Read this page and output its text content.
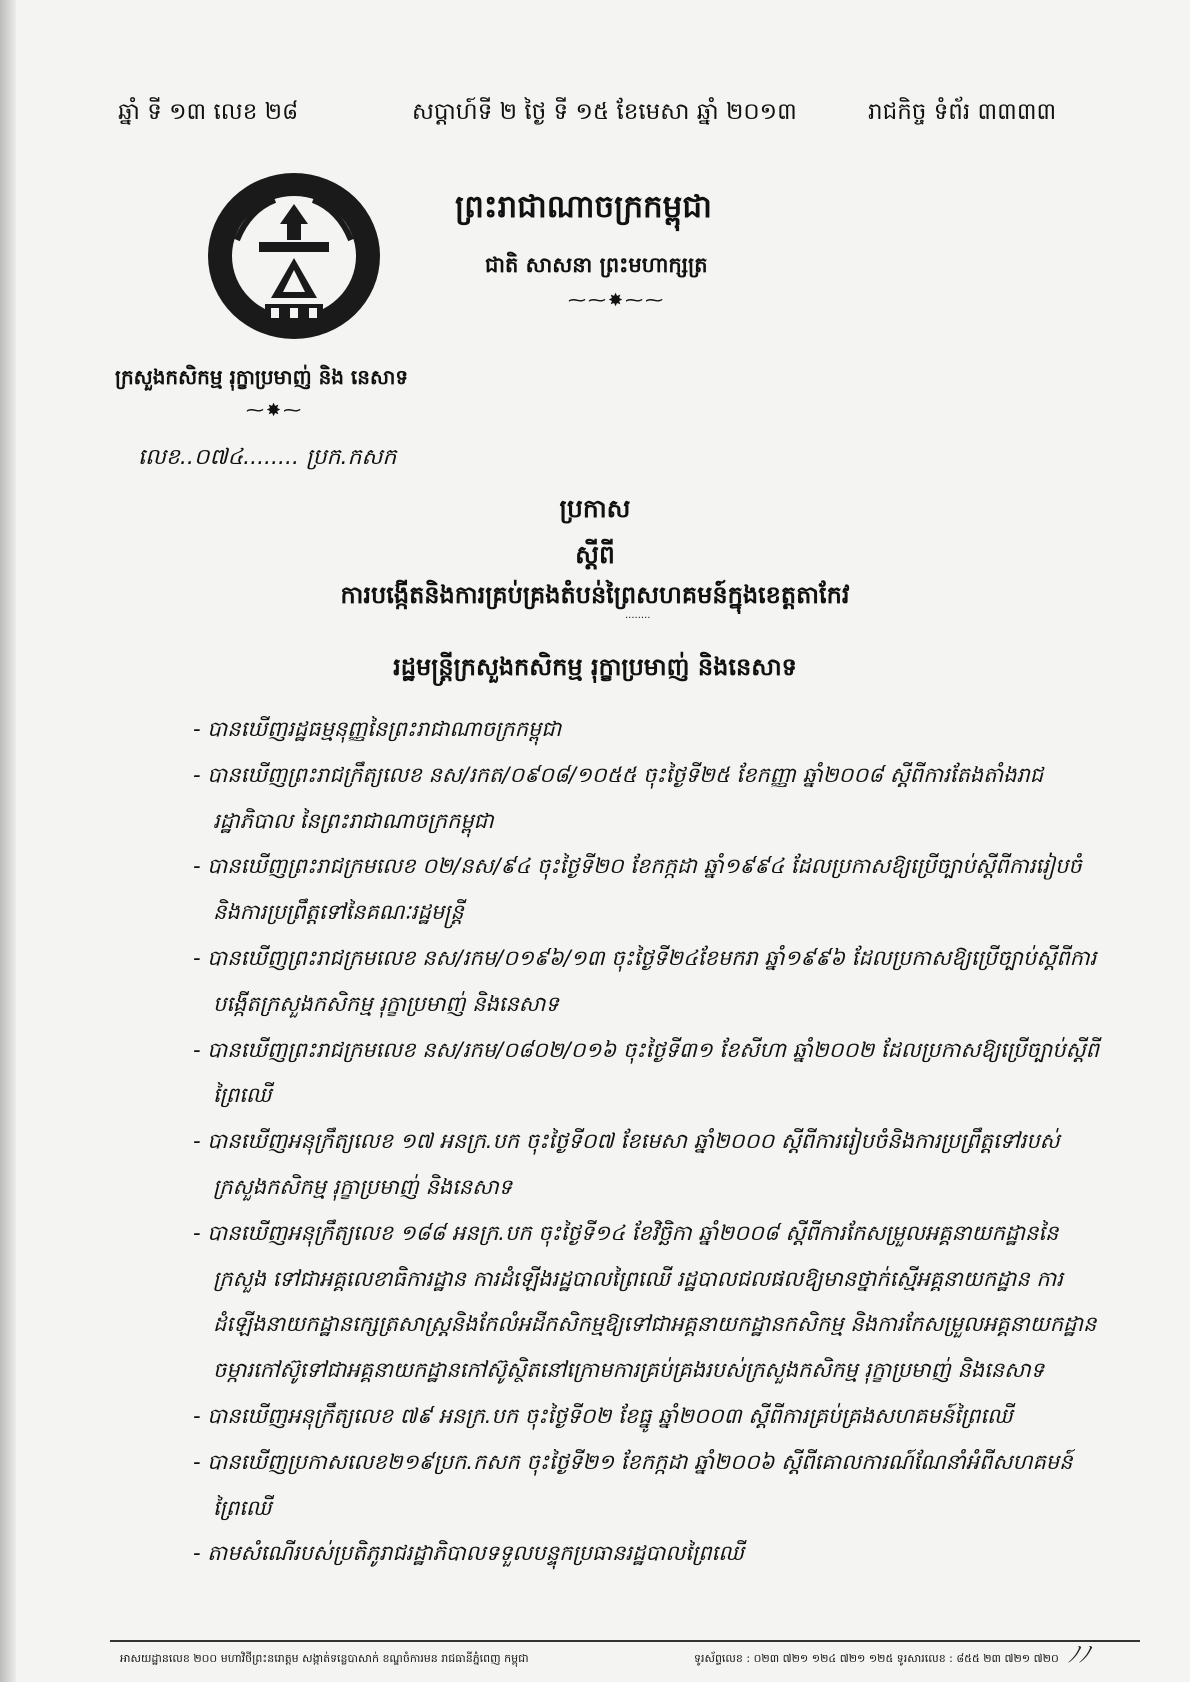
ឆ្នាំ ទី ១៣ លេខ ២៨	សប្តាហ៍ទី ២ ថ្ងៃ ទី ១៥ ខែមេសា ឆ្នាំ ២០១៣	រាជកិច្ច ទំព័រ ៣៣៣៣
ព្រះរាជាណាចក្រកម្ពុជា
ជាតិ សាសនា ព្រះមហាក្សត្រ
⁓⁓✸⁓⁓
ក្រសួងកសិកម្ម រុក្ខាប្រមាញ់ និង នេសាទ
⁓✸⁓
លេខ..០៧៤........ ប្រក.កសក
ប្រកាស
ស្តីពី
ការបង្កើតនិងការគ្រប់គ្រងតំបន់ព្រៃសហគមន៍ក្នុងខេត្តតាកែវ
········
រដ្ឋមន្ត្រីក្រសួងកសិកម្ម រុក្ខាប្រមាញ់ និងនេសាទ

- បានឃើញរដ្ឋធម្មនុញ្ញនៃព្រះរាជាណាចក្រកម្ពុជា

- បានឃើញព្រះរាជក្រឹត្យលេខ នស/រកត/០៩០៨/១០៥៥ ចុះថ្ងៃទី២៥ ខែកញ្ញា ឆ្នាំ២០០៨ ស្តីពីការតែងតាំងរាជរដ្ឋាភិបាល នៃព្រះរាជាណាចក្រកម្ពុជា

- បានឃើញព្រះរាជក្រមលេខ ០២/នស/៩៤ ចុះថ្ងៃទី២០ ខែកក្កដា ឆ្នាំ១៩៩៤ ដែលប្រកាសឱ្យប្រើច្បាប់ស្តីពីការរៀបចំ និងការប្រព្រឹត្តទៅនៃគណៈរដ្ឋមន្ត្រី

- បានឃើញព្រះរាជក្រមលេខ នស/រកម/០១៩៦/១៣ ចុះថ្ងៃទី២៤ខែមករា ឆ្នាំ១៩៩៦ ដែលប្រកាសឱ្យប្រើច្បាប់ស្តីពីការបង្កើតក្រសួងកសិកម្ម រុក្ខាប្រមាញ់ និងនេសាទ

- បានឃើញព្រះរាជក្រមលេខ នស/រកម/០៨០២/០១៦ ចុះថ្ងៃទី៣១ ខែសីហា ឆ្នាំ២០០២ ដែលប្រកាសឱ្យប្រើច្បាប់ស្តីពីព្រៃឈើ

- បានឃើញអនុក្រឹត្យលេខ ១៧ អនក្រ.បក ចុះថ្ងៃទី០៧ ខែមេសា ឆ្នាំ២០០០ ស្តីពីការរៀបចំនិងការប្រព្រឹត្តទៅរបស់ក្រសួងកសិកម្ម រុក្ខាប្រមាញ់ និងនេសាទ

- បានឃើញអនុក្រឹត្យលេខ ១៨៨ អនក្រ.បក ចុះថ្ងៃទី១៤ ខែវិច្ឆិកា ឆ្នាំ២០០៨ ស្តីពីការកែសម្រួលអគ្គនាយកដ្ឋាននៃក្រសួង ទៅជាអគ្គលេខាធិការដ្ឋាន ការដំឡើងរដ្ឋបាលព្រៃឈើ រដ្ឋបាលជលផលឱ្យមានថ្នាក់ស្មើអគ្គនាយកដ្ឋាន ការដំឡើងនាយកដ្ឋានក្សេត្រសាស្ត្រនិងកែលំអដីកសិកម្មឱ្យទៅជាអគ្គនាយកដ្ឋានកសិកម្ម និងការកែសម្រួលអគ្គនាយកដ្ឋានចម្ការកៅស៊ូទៅជាអគ្គនាយកដ្ឋានកៅស៊ូស្ថិតនៅក្រោមការគ្រប់គ្រងរបស់ក្រសួងកសិកម្ម រុក្ខាប្រមាញ់ និងនេសាទ

- បានឃើញអនុក្រឹត្យលេខ ៧៩ អនក្រ.បក ចុះថ្ងៃទី០២ ខែធ្នូ ឆ្នាំ២០០៣ ស្តីពីការគ្រប់គ្រងសហគមន៍ព្រៃឈើ

- បានឃើញប្រកាសលេខ២១៩ប្រក.កសក ចុះថ្ងៃទី២១ ខែកក្កដា ឆ្នាំ២០០៦ ស្តីពីគោលការណ៍ណែនាំអំពីសហគមន៍ព្រៃឈើ

- តាមសំណើរបស់ប្រតិភូរាជរដ្ឋាភិបាលទទួលបន្ទុកប្រធានរដ្ឋបាលព្រៃឈើ

អាសយដ្ឋានលេខ ២០០ មហាវិថីព្រះនរោត្តម សង្កាត់ទន្លេបាសាក់ ខណ្ឌចំការមន រាជធានីភ្នំពេញ កម្ពុជា	ទូរស័ព្ទលេខ : ០២៣ ៧២១ ១២៤ ៧២១ ១២៥ ទូរសារលេខ : ៨៥៥ ២៣ ៧២១ ៧២០ ﾉﾉ
